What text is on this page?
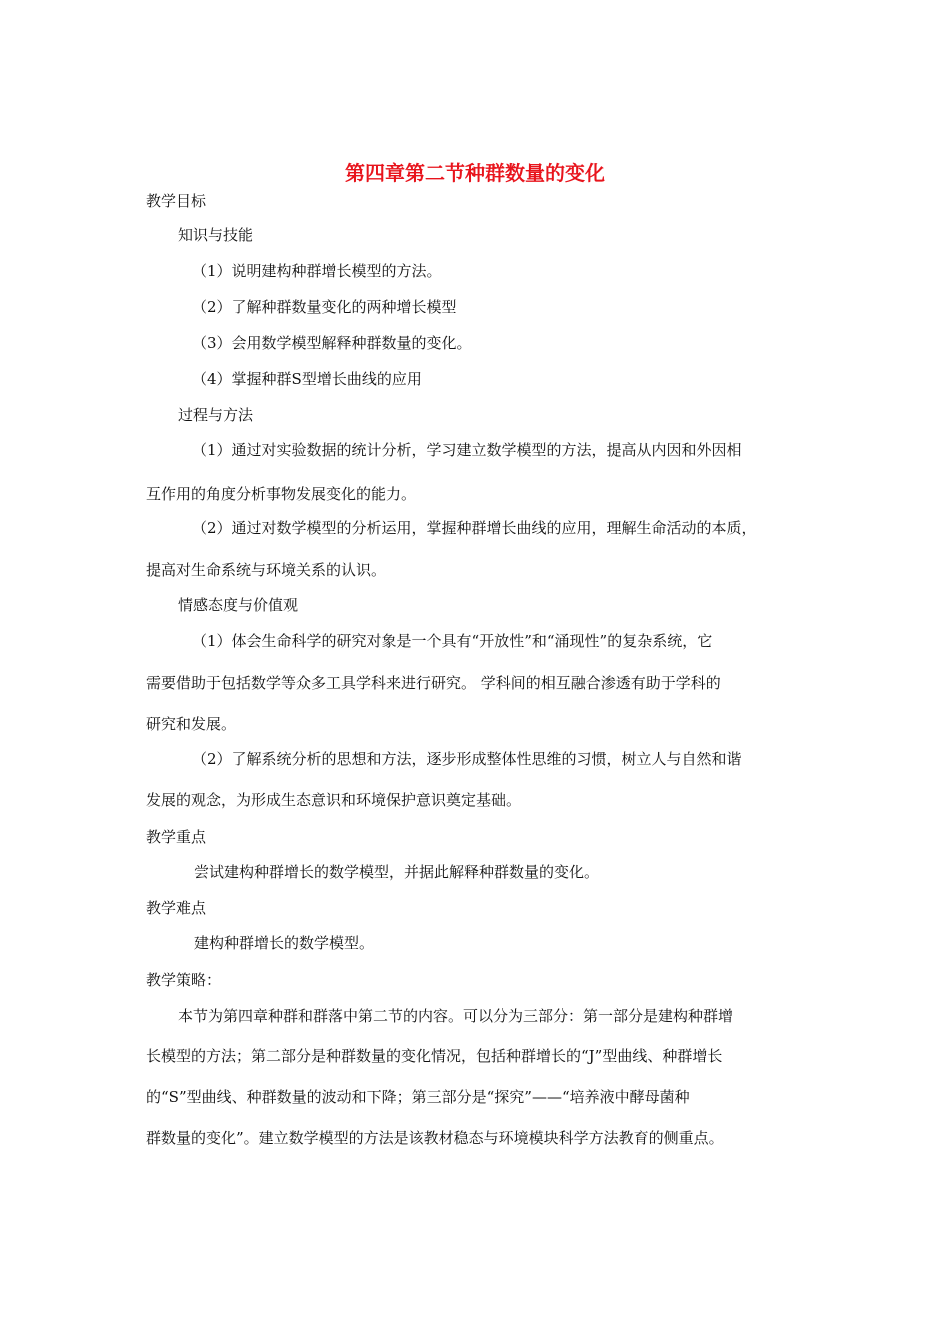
第四章第二节种群数量的变化
教学目标
知识与技能
（1）说明建构种群增长模型的方法。
（2）了解种群数量变化的两种增长模型
（3）会用数学模型解释种群数量的变化。
（4）掌握种群S型增长曲线的应用
过程与方法
（1）通过对实验数据的统计分析，学习建立数学模型的方法，提高从内因和外因相
互作用的角度分析事物发展变化的能力。
（2）通过对数学模型的分析运用，掌握种群增长曲线的应用，理解生命活动的本质，
提高对生命系统与环境关系的认识。
情感态度与价值观
（1）体会生命科学的研究对象是一个具有“开放性”和“涌现性”的复杂系统，它
需要借助于包括数学等众多工具学科来进行研究。 学科间的相互融合渗透有助于学科的
研究和发展。
（2）了解系统分析的思想和方法，逐步形成整体性思维的习惯，树立人与自然和谐
发展的观念，为形成生态意识和环境保护意识奠定基础。
教学重点
尝试建构种群增长的数学模型，并据此解释种群数量的变化。
教学难点
建构种群增长的数学模型。
教学策略：
本节为第四章种群和群落中第二节的内容。可以分为三部分：第一部分是建构种群增
长模型的方法；第二部分是种群数量的变化情况，包括种群增长的“J”型曲线、种群增长
的“S”型曲线、种群数量的波动和下降；第三部分是“探究”——“培养液中酵母菌种
群数量的变化”。建立数学模型的方法是该教材稳态与环境模块科学方法教育的侧重点。
